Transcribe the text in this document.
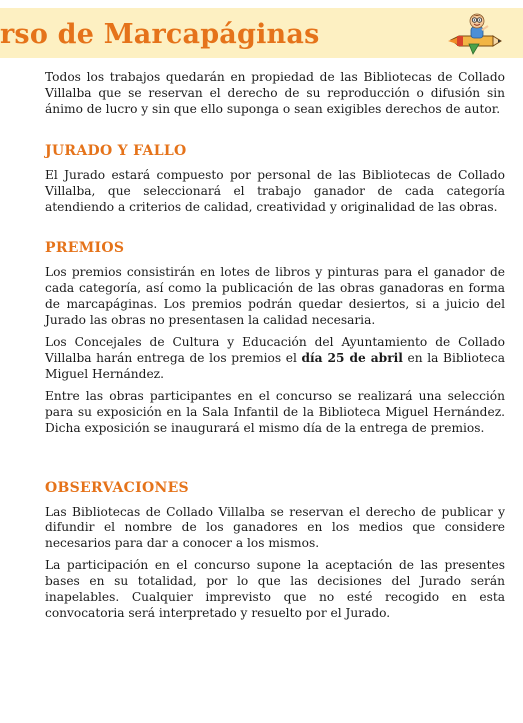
rso de Marcapáginas

Todos los trabajos quedarán en propiedad de las Bibliotecas de Collado Villalba que se reservan el derecho de su reproducción o difusión sin ánimo de lucro y sin que ello suponga o sean exigibles derechos de autor.

JURADO Y FALLO

El Jurado estará compuesto por personal de las Bibliotecas de Collado Villalba, que seleccionará el trabajo ganador de cada categoría atendiendo a criterios de calidad, creatividad y originalidad de las obras.

PREMIOS

Los premios consistirán en lotes de libros y pinturas para el ganador de cada categoría, así como la publicación de las obras ganadoras en forma de marcapáginas. Los premios podrán quedar desiertos, si a juicio del Jurado las obras no presentasen la calidad necesaria.

Los Concejales de Cultura y Educación del Ayuntamiento de Collado Villalba harán entrega de los premios el día 25 de abril en la Biblioteca Miguel Hernández.

Entre las obras participantes en el concurso se realizará una selección para su exposición en la Sala Infantil de la Biblioteca Miguel Hernández. Dicha exposición se inaugurará el mismo día de la entrega de premios.

OBSERVACIONES

Las Bibliotecas de Collado Villalba se reservan el derecho de publicar y difundir el nombre de los ganadores en los medios que considere necesarios para dar a conocer a los mismos.

La participación en el concurso supone la aceptación de las presentes bases en su totalidad, por lo que las decisiones del Jurado serán inapelables. Cualquier imprevisto que no esté recogido en esta convocatoria será interpretado y resuelto por el Jurado.
